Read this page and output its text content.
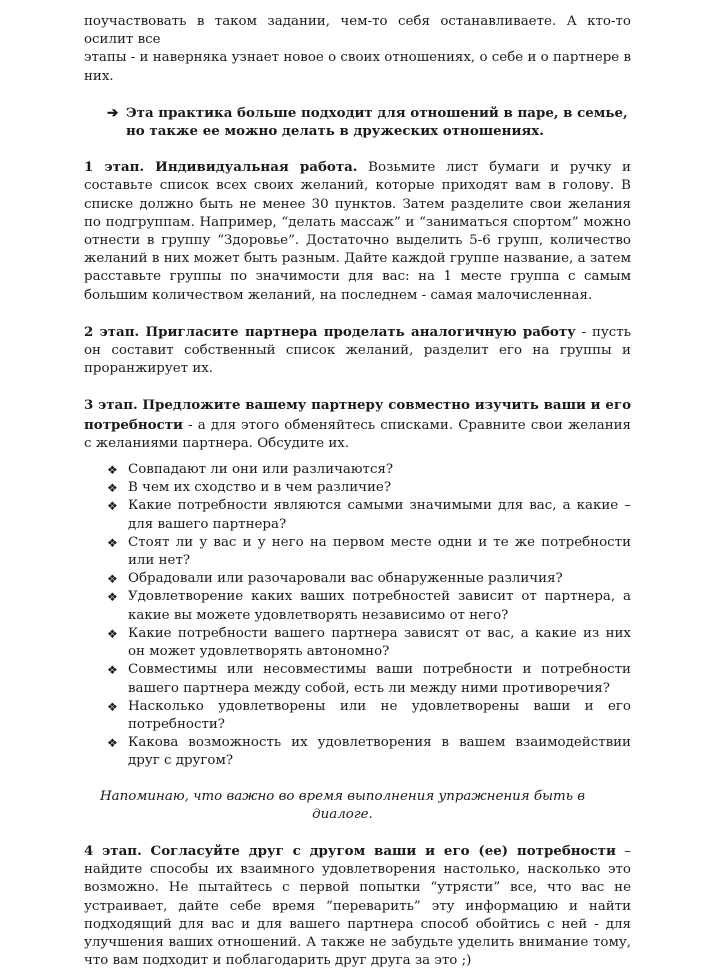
поучаствовать в таком задании, чем-то себя останавливаете. А кто-то осилит все
этапы - и наверняка узнает новое о своих отношениях, о себе и о партнере в них.

➔ Эта практика больше подходит для отношений в паре, в семье, но также ее можно делать в дружеских отношениях.

1 этап. Индивидуальная работа. Возьмите лист бумаги и ручку и составьте список всех своих желаний, которые приходят вам в голову. В списке должно быть не менее 30 пунктов. Затем разделите свои желания по подгруппам. Например, “делать массаж” и “заниматься спортом” можно отнести в группу “Здоровье”. Достаточно выделить 5-6 групп, количество желаний в них может быть разным. Дайте каждой группе название, а затем расставьте группы по значимости для вас: на 1 месте группа с самым большим количеством желаний, на последнем - самая малочисленная.

2 этап. Пригласите партнера проделать аналогичную работу - пусть он составит собственный список желаний, разделит его на группы и проранжирует их.

3 этап. Предложите вашему партнеру совместно изучить ваши и его потребности - а для этого обменяйтесь списками. Сравните свои желания с желаниями партнера. Обсудите их.

❖ Совпадают ли они или различаются?
❖ В чем их сходство и в чем различие?
❖ Какие потребности являются самыми значимыми для вас, а какие – для вашего партнера?
❖ Стоят ли у вас и у него на первом месте одни и те же потребности или нет?
❖ Обрадовали или разочаровали вас обнаруженные различия?
❖ Удовлетворение каких ваших потребностей зависит от партнера, а какие вы можете удовлетворять независимо от него?
❖ Какие потребности вашего партнера зависят от вас, а какие из них он может удовлетворять автономно?
❖ Совместимы или несовместимы ваши потребности и потребности вашего партнера между собой, есть ли между ними противоречия?
❖ Насколько удовлетворены или не удовлетворены ваши и его потребности?
❖ Какова возможность их удовлетворения в вашем взаимодействии друг с другом?

Напоминаю, что важно во время выполнения упражнения быть в диалоге.

4 этап. Согласуйте друг с другом ваши и его (ее) потребности – найдите способы их взаимного удовлетворения настолько, насколько это возможно. Не пытайтесь с первой попытки “утрясти” все, что вас не устраивает, дайте себе время “переварить” эту информацию и найти подходящий для вас и для вашего партнера способ обойтись с ней - для улучшения ваших отношений. А также не забудьте уделить внимание тому, что вам подходит и поблагодарить друг друга за это ;)
